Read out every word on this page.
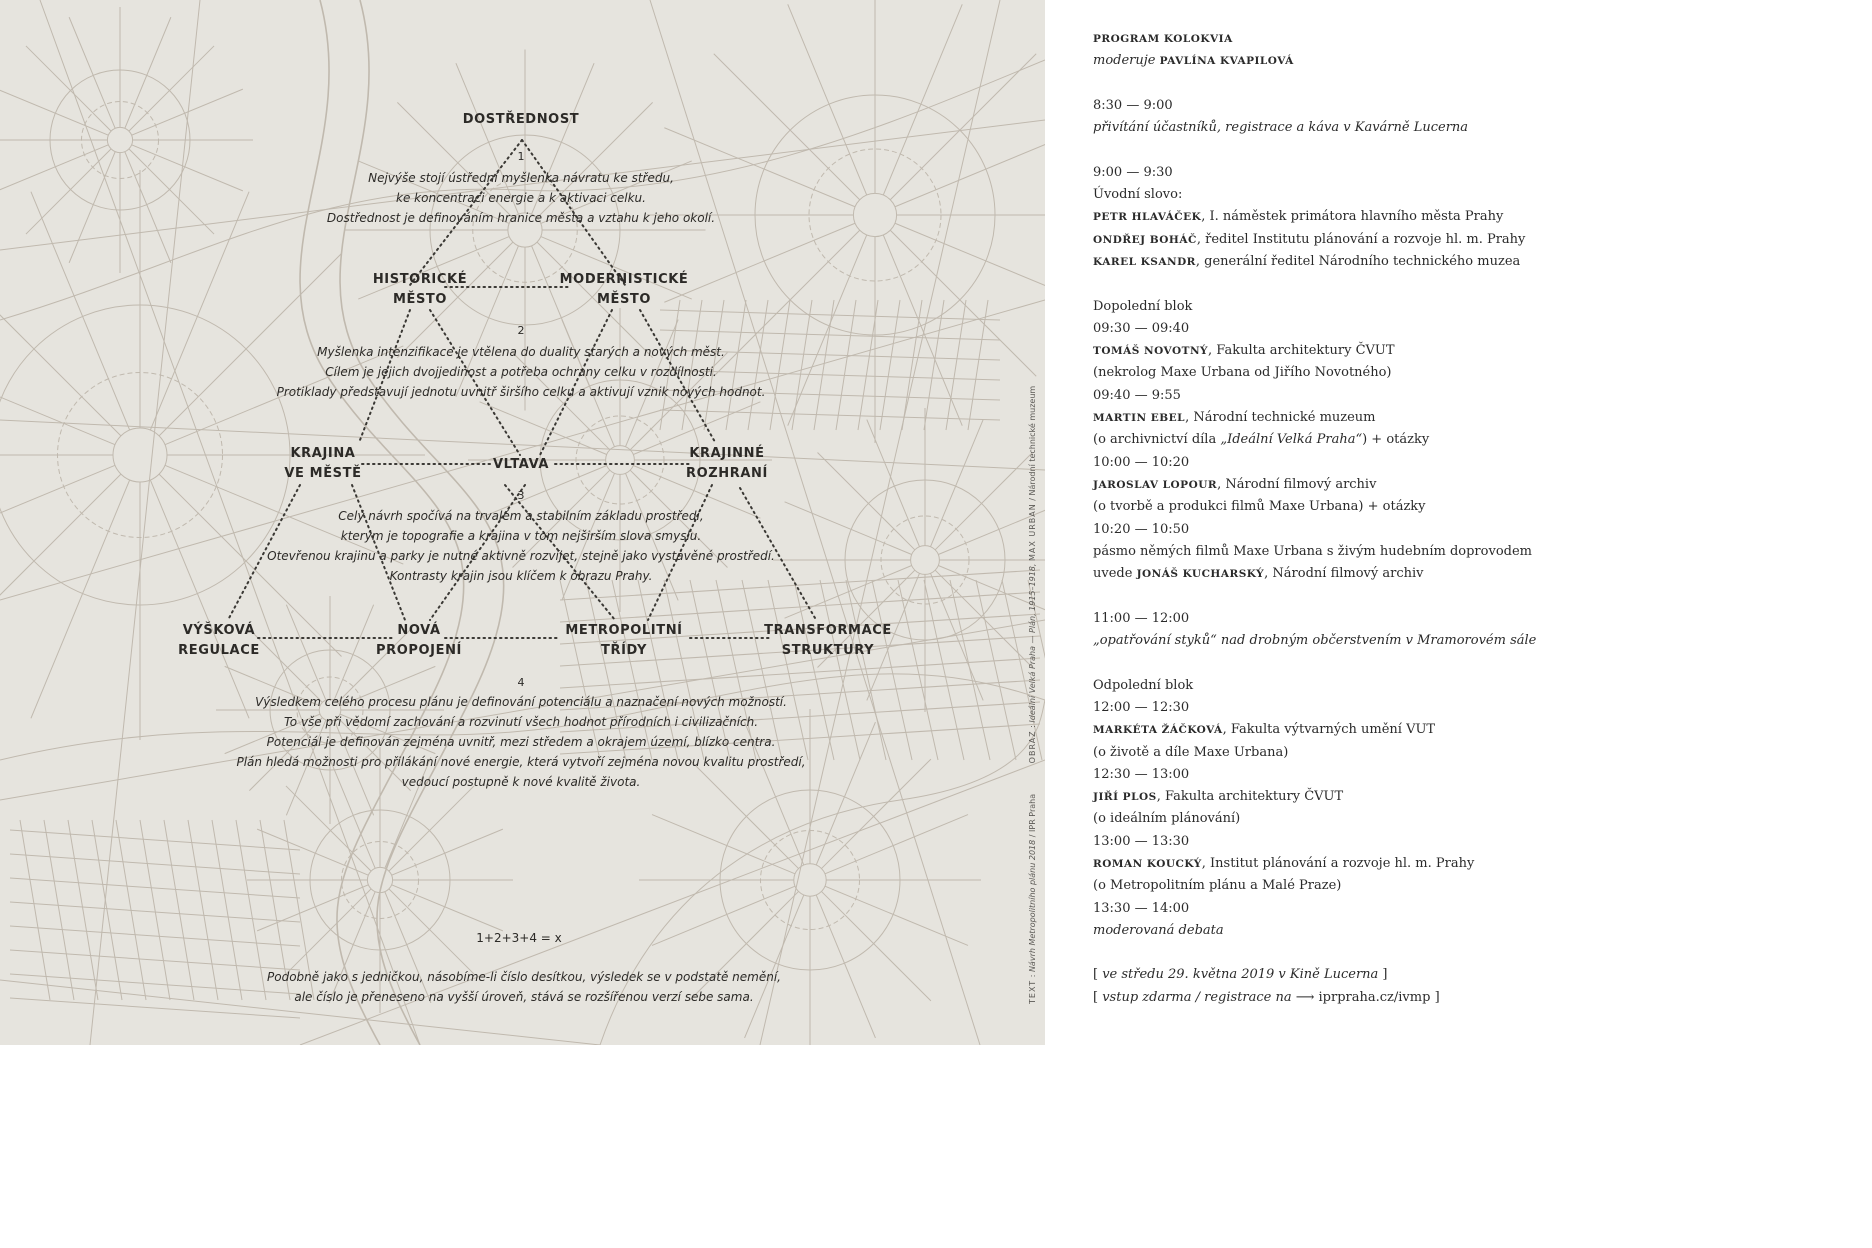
DOSTŘEDNOST
HISTORICKÉ
MĚSTO
MODERNISTICKÉ
MĚSTO
KRAJINA
VE MĚSTĚ
VLTAVA
KRAJINNÉ
ROZHRANÍ
VÝŠKOVÁ
REGULACE
NOVÁ
PROPOJENÍ
METROPOLITNÍ
TŘÍDY
TRANSFORMACE
STRUKTURY
1
Nejvýše stojí ústřední myšlenka návratu ke středu,
ke koncentraci energie a k aktivaci celku.
Dostřednost je definováním hranice města a vztahu k jeho okolí.
2
Myšlenka intenzifikace je vtělena do duality starých a nových měst.
Cílem je jejich dvojjedinost a potřeba ochrany celku v rozdílnosti.
Protiklady představují jednotu uvnitř širšího celku a aktivují vznik nových hodnot.
3
Celý návrh spočívá na trvalém a stabilním základu prostředí,
kterým je topografie a krajina v tom nejširším slova smyslu.
Otevřenou krajinu a parky je nutné aktivně rozvíjet, stejně jako vystavěné prostředí.
Kontrasty krajin jsou klíčem k obrazu Prahy.
4
Výsledkem celého procesu plánu je definování potenciálu a naznačení nových možností.
To vše při vědomí zachování a rozvinutí všech hodnot přírodních i civilizačních.
Potenciál je definován zejména uvnitř, mezi středem a okrajem území, blízko centra.
Plán hledá možnosti pro přilákání nové energie, která vytvoří zejména novou kvalitu prostředí,
vedoucí postupně k nové kvalitě života.
1+2+3+4 = x
Podobně jako s jedničkou, násobíme-li číslo desítkou, výsledek se v podstatě nemění,
ale číslo je přeneseno na vyšší úroveň, stává se rozšířenou verzí sebe sama.	TEXT : Návrh Metropolitního plánu 2018 / IPR Praha            OBRAZ : Ideální Velká Praha — Plán, 1915–1918, MAX URBAN / Národní technické muzeum
PROGRAM KOLOKVIA
moderuje PAVLÍNA KVAPILOVÁ
8:30 — 9:00
přivítání účastníků, registrace a káva v Kavárně Lucerna
9:00 — 9:30
Úvodní slovo:
PETR HLAVÁČEK, I. náměstek primátora hlavního města Prahy
ONDŘEJ BOHÁČ, ředitel Institutu plánování a rozvoje hl. m. Prahy
KAREL KSANDR, generální ředitel Národního technického muzea
Dopolední blok
09:30 — 09:40
TOMÁŠ NOVOTNÝ, Fakulta architektury ČVUT
(nekrolog Maxe Urbana od Jiřího Novotného)
09:40 — 9:55
MARTIN EBEL, Národní technické muzeum
(o archivnictví díla „Ideální Velká Praha“) + otázky
10:00 — 10:20
JAROSLAV LOPOUR, Národní filmový archiv
(o tvorbě a produkci filmů Maxe Urbana) + otázky
10:20 — 10:50
pásmo němých filmů Maxe Urbana s živým hudebním doprovodem
uvede JONÁŠ KUCHARSKÝ, Národní filmový archiv
11:00 — 12:00
„opatřování styků“ nad drobným občerstvením v Mramorovém sále
Odpolední blok
12:00 — 12:30
MARKÉTA ŽÁČKOVÁ, Fakulta výtvarných umění VUT
(o životě a díle Maxe Urbana)
12:30 — 13:00
JIŘÍ PLOS, Fakulta architektury ČVUT
(o ideálním plánování)
13:00 — 13:30
ROMAN KOUCKÝ, Institut plánování a rozvoje hl. m. Prahy
(o Metropolitním plánu a Malé Praze)
13:30 — 14:00
moderovaná debata
[ ve středu 29. května 2019 v Kině Lucerna ]
[ vstup zdarma / registrace na ⟶ iprpraha.cz/ivmp ]
